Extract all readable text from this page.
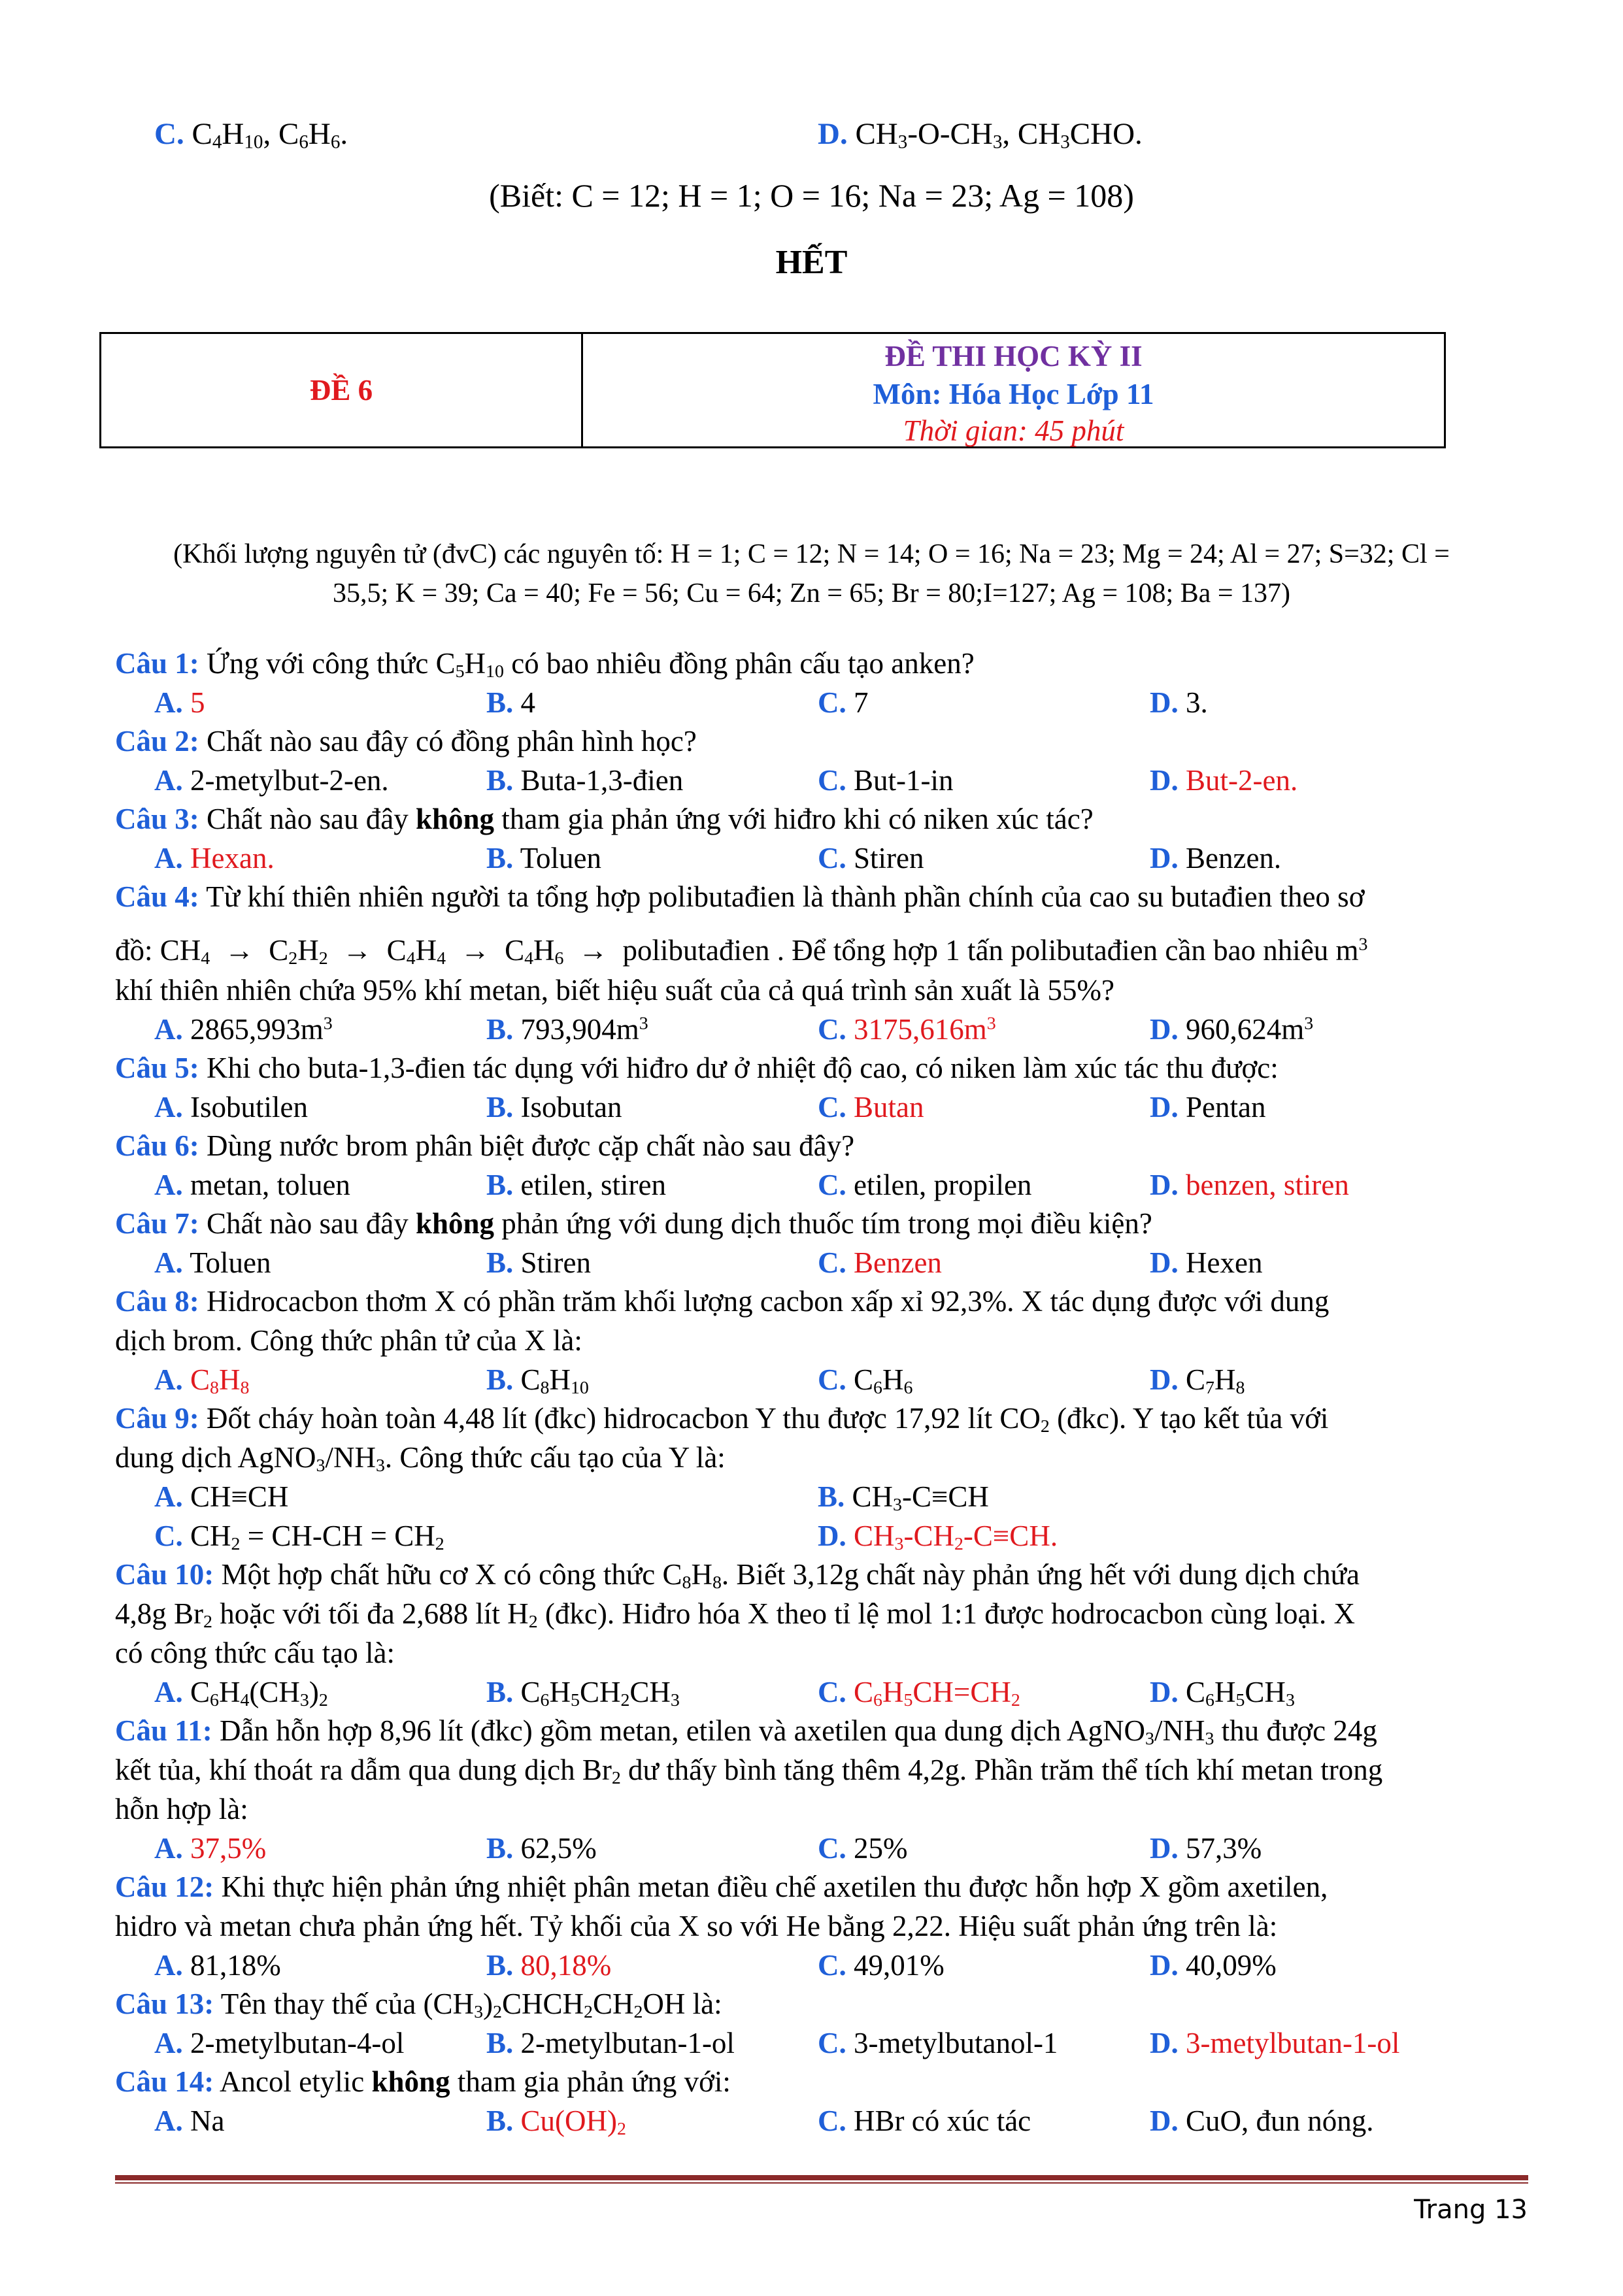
C. $C_4H_{10}$, $C_6H_6$.	D. $CH_3-O-CH_3$, $CH_3CHO$.
(Biết: C = 12; H = 1; O = 16; Na = 23; Ag = 108)
HẾT
ĐỀ 6
ĐỀ THI HỌC KỲ II
Môn: Hóa Học Lớp 11
Thời gian: 45 phút
(Khối lượng nguyên tử (đvC) các nguyên tố: H = 1; C = 12; N = 14; O = 16; Na = 23; Mg = 24; Al = 27; S=32; Cl =
35,5; K = 39; Ca = 40; Fe = 56; Cu = 64; Zn = 65; Br = 80;I=127; Ag = 108; Ba = 137)
Câu 1: Ứng với công thức $C_5H_{10}$ có bao nhiêu đồng phân cấu tạo anken?
A. 5	B. 4	C. 7	D. 3.
Câu 2: Chất nào sau đây có đồng phân hình học?
A. 2-metylbut-2-en.	B. Buta-1,3-đien	C. But-1-in	D. But-2-en.
Câu 3: Chất nào sau đây không tham gia phản ứng với hiđro khi có niken xúc tác?
A. Hexan.	B. Toluen	C. Stiren	D. Benzen.
Câu 4: Từ khí thiên nhiên người ta tổng hợp polibutađien là thành phần chính của cao su butađien theo sơ
đồ: $CH_4 \to C_2H_2 \to C_4H_4 \to C_4H_6$ →  polibutađien . Để tổng hợp 1 tấn polibutađien cần bao nhiêu $m^3$
khí thiên nhiên chứa 95% khí metan, biết hiệu suất của cả quá trình sản xuất là 55%?
A. $2865,993m^3$	B. $793,904m^3$	C. $3175,616m^3$	D. $960,624m^3$
Câu 5: Khi cho buta-1,3-đien tác dụng với hiđro dư ở nhiệt độ cao, có niken làm xúc tác thu được:
A. Isobutilen	B. Isobutan	C. Butan	D. Pentan
Câu 6: Dùng nước brom phân biệt được cặp chất nào sau đây?
A. metan, toluen	B. etilen, stiren	C. etilen, propilen	D. benzen, stiren
Câu 7: Chất nào sau đây không phản ứng với dung dịch thuốc tím trong mọi điều kiện?
A. Toluen	B. Stiren	C. Benzen	D. Hexen
Câu 8: Hidrocacbon thơm X có phần trăm khối lượng cacbon xấp xỉ 92,3%. X tác dụng được với dung
dịch brom. Công thức phân tử của X là:
A. $C_8H_8$	B. $C_8H_{10}$	C. $C_6H_6$	D. $C_7H_8$
Câu 9: Đốt cháy hoàn toàn 4,48 lít (đkc) hidrocacbon Y thu được 17,92 lít $CO_2$ (đkc). Y tạo kết tủa với
dung dịch $AgNO_3/NH_3$. Công thức cấu tạo của Y là:
A. CH≡CH	B. $CH_3-C\equiv CH$
C. $CH_2 = CH-CH = CH_2$	D. $CH_3-CH_2-C\equiv CH$.
Câu 10: Một hợp chất hữu cơ X có công thức $C_8H_8$. Biết 3,12g chất này phản ứng hết với dung dịch chứa
4,8g $Br_2$ hoặc với tối đa 2,688 lít $H_2$ (đkc). Hiđro hóa X theo tỉ lệ mol 1:1 được hodrocacbon cùng loại. X
có công thức cấu tạo là:
A. $C_6H_4(CH_3)_2$	B. $C_6H_5CH_2CH_3$	C. $C_6H_5CH=CH_2$	D. $C_6H_5CH_3$
Câu 11: Dẫn hỗn hợp 8,96 lít (đkc) gồm metan, etilen và axetilen qua dung dịch $AgNO_3/NH_3$ thu được 24g
kết tủa, khí thoát ra dẫm qua dung dịch $Br_2$ dư thấy bình tăng thêm 4,2g. Phần trăm thể tích khí metan trong
hỗn hợp là:
A. 37,5%	B. 62,5%	C. 25%	D. 57,3%
Câu 12: Khi thực hiện phản ứng nhiệt phân metan điều chế axetilen thu được hỗn hợp X gồm axetilen,
hidro và metan chưa phản ứng hết. Tỷ khối của X so với He bằng 2,22. Hiệu suất phản ứng trên là:
A. 81,18%	B. 80,18%	C. 49,01%	D. 40,09%
Câu 13: Tên thay thế của $(CH_3)_2CHCH_2CH_2OH$ là:
A. 2-metylbutan-4-ol	B. 2-metylbutan-1-ol	C. 3-metylbutanol-1	D. 3-metylbutan-1-ol
Câu 14: Ancol etylic không tham gia phản ứng với:
A. Na	B. $Cu(OH)_2$	C. HBr có xúc tác	D. CuO, đun nóng.
Trang 13
